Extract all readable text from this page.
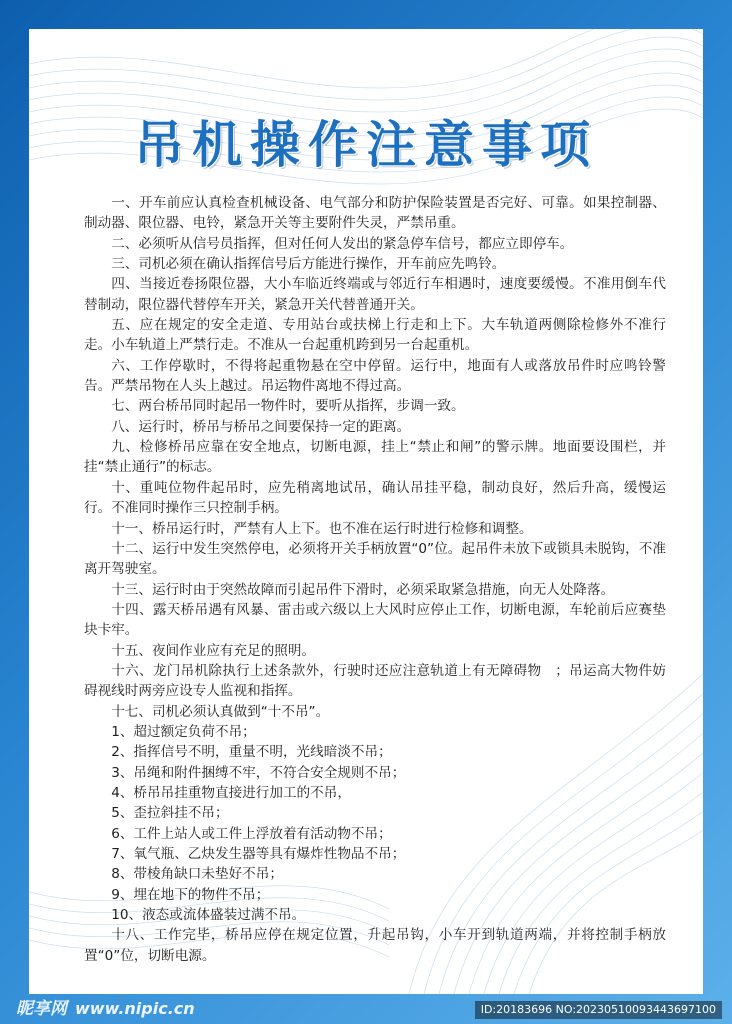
吊机操作注意事项

一、开车前应认真检查机械设备、电气部分和防护保险装置是否完好、可靠。如果控制器、制动器、限位器、电铃，紧急开关等主要附件失灵，严禁吊重。

二、必须听从信号员指挥，但对任何人发出的紧急停车信号，都应立即停车。

三、司机必须在确认指挥信号后方能进行操作，开车前应先鸣铃。

四、当接近卷扬限位器，大小车临近终端或与邻近行车相遇时，速度要缓慢。不准用倒车代替制动，限位器代替停车开关，紧急开关代替普通开关。

五、应在规定的安全走道、专用站台或扶梯上行走和上下。大车轨道两侧除检修外不准行走。小车轨道上严禁行走。不准从一台起重机跨到另一台起重机。

六、工作停歇时，不得将起重物悬在空中停留。运行中，地面有人或落放吊件时应鸣铃警告。严禁吊物在人头上越过。吊运物件离地不得过高。

七、两台桥吊同时起吊一物件时，要听从指挥，步调一致。

八、运行时，桥吊与桥吊之间要保持一定的距离。

九、检修桥吊应靠在安全地点，切断电源，挂上“禁止和闸”的警示牌。地面要设围栏，并挂“禁止通行”的标志。

十、重吨位物件起吊时，应先稍离地试吊，确认吊挂平稳，制动良好，然后升高，缓慢运行。不准同时操作三只控制手柄。

十一、桥吊运行时，严禁有人上下。也不准在运行时进行检修和调整。

十二、运行中发生突然停电，必须将开关手柄放置“0”位。起吊件未放下或锁具未脱钩，不准离开驾驶室。

十三、运行时由于突然故障而引起吊件下滑时，必须采取紧急措施，向无人处降落。

十四、露天桥吊遇有风暴、雷击或六级以上大风时应停止工作，切断电源，车轮前后应赛垫块卡牢。

十五、夜间作业应有充足的照明。

十六、龙门吊机除执行上述条款外，行驶时还应注意轨道上有无障碍物　；吊运高大物件妨碍视线时两旁应设专人监视和指挥。

十七、司机必须认真做到“十不吊”。

1、超过额定负荷不吊；

2、指挥信号不明，重量不明，光线暗淡不吊；

3、吊绳和附件捆缚不牢，不符合安全规则不吊；

4、桥吊吊挂重物直接进行加工的不吊，

5、歪拉斜挂不吊；

6、工件上站人或工件上浮放着有活动物不吊；

7、氧气瓶、乙炔发生器等具有爆炸性物品不吊；

8、带棱角缺口未垫好不吊；

9、埋在地下的物件不吊；

10、液态或流体盛装过满不吊。

十八、工作完毕，桥吊应停在规定位置，升起吊钩，小车开到轨道两端，并将控制手柄放置“0”位，切断电源。

昵享网 www.nipic.cn	ID:20183696 NO:20230510093443697100
